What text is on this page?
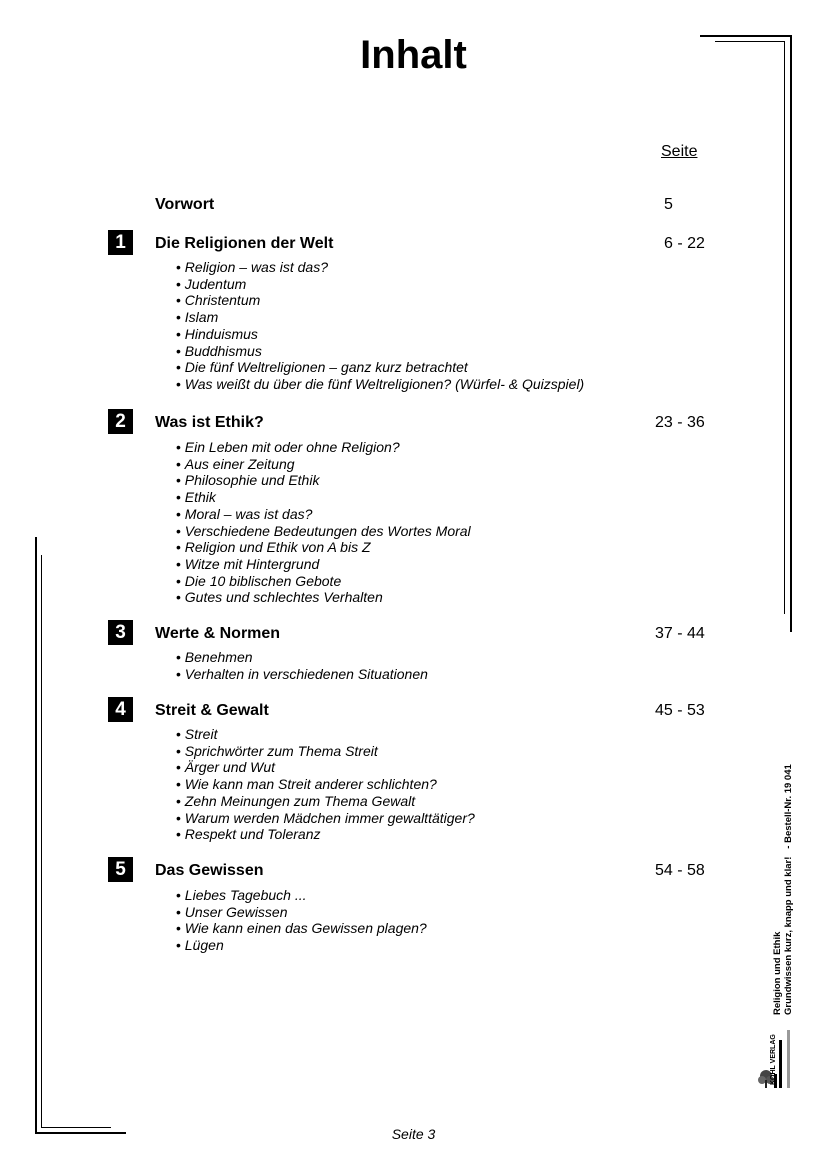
Inhalt
Seite
Vorwort	5
1	Die Religionen der Welt	6 - 22
• Religion – was ist das?
• Judentum
• Christentum
• Islam
• Hinduismus
• Buddhismus
• Die fünf Weltreligionen – ganz kurz betrachtet
• Was weißt du über die fünf Weltreligionen? (Würfel- & Quizspiel)
2	Was ist Ethik?	23 - 36
• Ein Leben mit oder ohne Religion?
• Aus einer Zeitung
• Philosophie und Ethik
• Ethik
• Moral – was ist das?
• Verschiedene Bedeutungen des Wortes Moral
• Religion und Ethik von A bis Z
• Witze mit Hintergrund
• Die 10 biblischen Gebote
• Gutes und schlechtes Verhalten
3	Werte & Normen	37 - 44
• Benehmen
• Verhalten in verschiedenen Situationen
4	Streit & Gewalt	45 - 53
• Streit
• Sprichwörter zum Thema Streit
• Ärger und Wut
• Wie kann man Streit anderer schlichten?
• Zehn Meinungen zum Thema Gewalt
• Warum werden Mädchen immer gewalttätiger?
• Respekt und Toleranz
5	Das Gewissen	54 - 58
• Liebes Tagebuch ...
• Unser Gewissen
• Wie kann einen das Gewissen plagen?
• Lügen	Religion und Ethik Grundwissen kurz, knapp und klar!   - Bestell-Nr. 19 041
KOHL VERLAG
Seite 3
